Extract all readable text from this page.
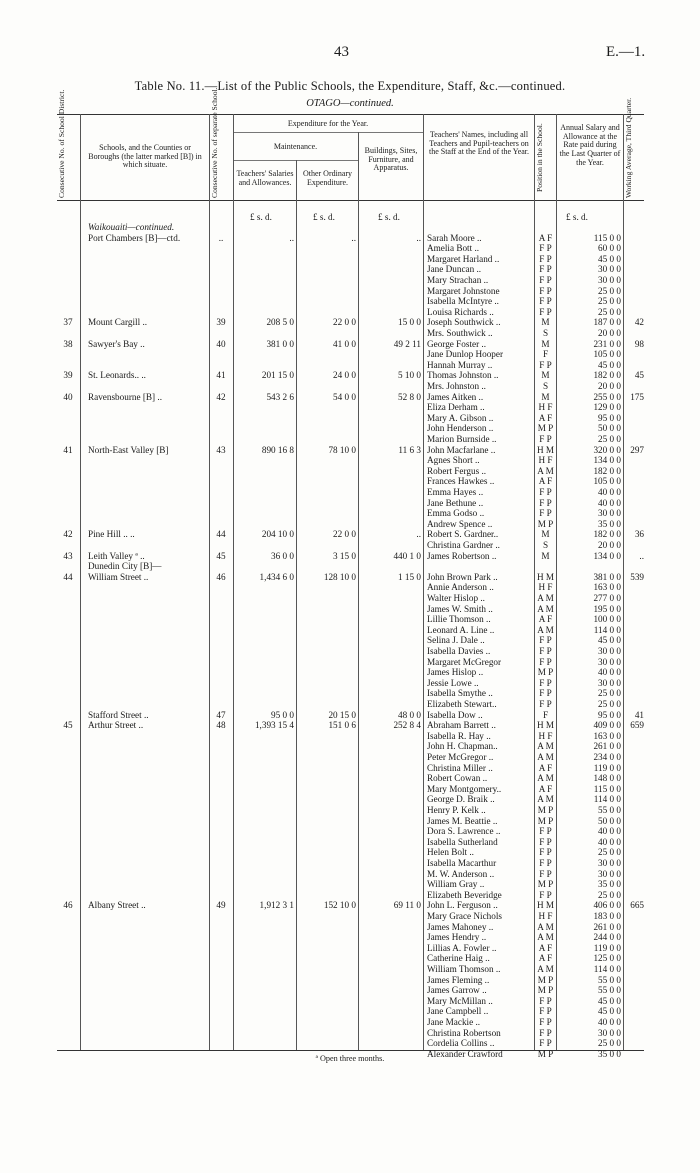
43	E.—1.
Table No. 11.—List of the Public Schools, the Expenditure, Staff, &c.—continued.
OTAGO—continued.
Consecutive No. of School District.	Schools, and the Counties or Boroughs (the latter marked [B]) in which situate.	Consecutive No. of separate School.	Expenditure for the Year.
Maintenance.
Teachers' Salaries and Allowances.
Other Ordinary Expenditure.
Buildings, Sites, Furniture, and Apparatus.
Teachers' Names, including all Teachers and Pupil-teachers on the Staff at the End of the Year. Position in the School.	Annual Salary and Allowance at the Rate paid during the Last Quarter of the Year.	Working Average, Third Quarter.
£ s. d.	£ s. d.	£ s. d.	£ s. d.
Waikouaiti—continued.
Port Chambers [B]—ctd.	..	..	..	.. Sarah Moore ..	A F	115 0 0
Amelia Bott ..	F P	60 0 0
Margaret Harland ..	F P	45 0 0
Jane Duncan ..	F P	30 0 0
Mary Strachan ..	F P	30 0 0
Margaret Johnstone	F P	25 0 0
Isabella McIntyre ..	F P	25 0 0
Louisa Richards ..	F P	25 0 0
37	Mount Cargill ..	39	208 5 0	22 0 0	15 0 0 Joseph Southwick ..	M	187 0 0	42
Mrs. Southwick ..	S	20 0 0
38	Sawyer's Bay ..	40	381 0 0	41 0 0	49 2 11 George Foster ..	M	231 0 0	98
Jane Dunlop Hooper	F	105 0 0
Hannah Murray ..	F P	45 0 0
39	St. Leonards.. ..	41	201 15 0	24 0 0	5 10 0 Thomas Johnston ..	M	182 0 0	45
Mrs. Johnston ..	S	20 0 0
40	Ravensbourne [B] ..	42	543 2 6	54 0 0	52 8 0 James Aitken ..	M	255 0 0	175
Eliza Derham ..	H F	129 0 0
Mary A. Gibson ..	A F	95 0 0
John Henderson ..	M P	50 0 0
Marion Burnside ..	F P	25 0 0
41	North-East Valley [B]	43	890 16 8	78 10 0	11 6 3 John Macfarlane ..	H M	320 0 0	297
Agnes Short ..	H F	134 0 0
Robert Fergus ..	A M	182 0 0
Frances Hawkes ..	A F	105 0 0
Emma Hayes ..	F P	40 0 0
Jane Bethune ..	F P	40 0 0
Emma Godso ..	F P	30 0 0
Andrew Spence ..	M P	35 0 0
42	Pine Hill .. ..	44	204 10 0	22 0 0	.. Robert S. Gardner..	M	182 0 0	36
Christina Gardner ..	S	20 0 0
43	Leith Valley ª ..	45	36 0 0	3 15 0	440 1 0 James Robertson ..	M	134 0 0	..
Dunedin City [B]—
44	William Street ..	46	1,434 6 0	128 10 0	1 15 0 John Brown Park ..	H M	381 0 0	539
Annie Anderson ..	H F	163 0 0
Walter Hislop ..	A M	277 0 0
James W. Smith ..	A M	195 0 0
Lillie Thomson ..	A F	100 0 0
Leonard A. Line ..	A M	114 0 0
Selina J. Dale ..	F P	45 0 0
Isabella Davies ..	F P	30 0 0
Margaret McGregor	F P	30 0 0
James Hislop ..	M P	40 0 0
Jessie Lowe ..	F P	30 0 0
Isabella Smythe ..	F P	25 0 0
Elizabeth Stewart..	F P	25 0 0
Stafford Street ..	47	95 0 0	20 15 0	48 0 0 Isabella Dow ..	F	95 0 0	41
45	Arthur Street ..	48	1,393 15 4	151 0 6	252 8 4 Abraham Barrett ..	H M	409 0 0	659
Isabella R. Hay ..	H F	163 0 0
John H. Chapman..	A M	261 0 0
Peter McGregor ..	A M	234 0 0
Christina Miller ..	A F	119 0 0
Robert Cowan ..	A M	148 0 0
Mary Montgomery..	A F	115 0 0
George D. Braik ..	A M	114 0 0
Henry P. Kelk ..	M P	55 0 0
James M. Beattie ..	M P	50 0 0
Dora S. Lawrence ..	F P	40 0 0
Isabella Sutherland	F P	40 0 0
Helen Bolt ..	F P	25 0 0
Isabella Macarthur	F P	30 0 0
M. W. Anderson ..	F P	30 0 0
William Gray ..	M P	35 0 0
Elizabeth Beveridge	F P	25 0 0
46	Albany Street ..	49	1,912 3 1	152 10 0	69 11 0 John L. Ferguson ..	H M	406 0 0	665
Mary Grace Nichols	H F	183 0 0
James Mahoney ..	A M	261 0 0
James Hendry ..	A M	244 0 0
Lillias A. Fowler ..	A F	119 0 0
Catherine Haig ..	A F	125 0 0
William Thomson ..	A M	114 0 0
James Fleming ..	M P	55 0 0
James Garrow ..	M P	55 0 0
Mary McMillan ..	F P	45 0 0
Jane Campbell ..	F P	45 0 0
Jane Mackie ..	F P	40 0 0
Christina Robertson	F P	30 0 0
Cordelia Collins ..	F P	25 0 0
Alexander Crawford	M P	35 0 0
ª Open three months.
